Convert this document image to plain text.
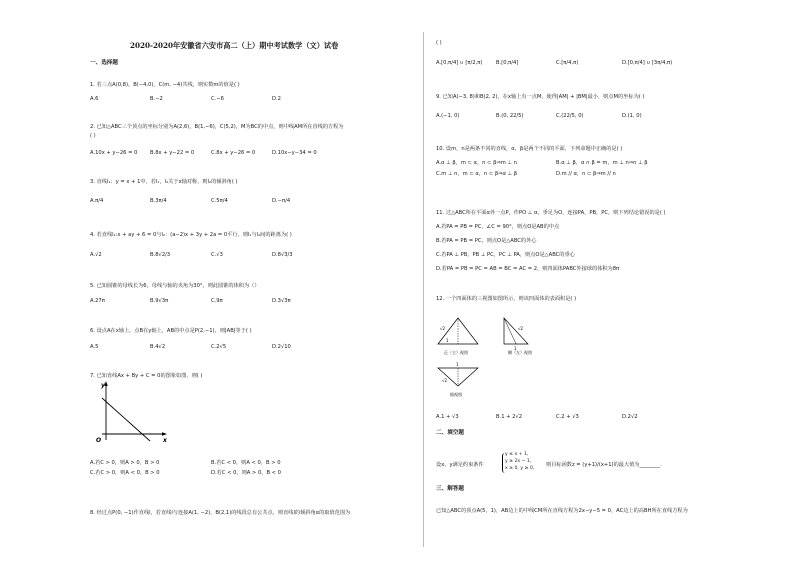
2020-2020年安徽省六安市高二（上）期中考试数学（文）试卷
一、选择题
1. 若三点A(0,8)，B(−4,0)，C(m, −4)共线，则实数m的值是( )
A.6	B.−2	C.−6	D.2
2. 已知△ABC三个顶点的坐标分别为A(2,6)，B(1,−6)，C(5,2)，M为BC的中点，则中线AM所在直线的方程为
( )
A.10x + y−26 = 0 B.8x + y−22 = 0	C.8x + y−26 = 0	D.10x−y−34 = 0
3. 直线l₁：y = x + 1中，若l₁，l₂关于x轴对称，则l₂的倾斜角( )
A.π/4	B.3π/4	C.5π/4	D.−π/4
4. 若直线l₁:x + ay + 6 = 0与l₂：(a−2)x + 3y + 2a = 0平行，则l₁与l₂间的距离为( )
A.√2	B.8√2/3	C.√3	D.8√3/3
5. 已知圆锥的母线长为6，母线与轴的夹角为30°，则此圆锥的体积为（）
A.27π	B.9√3π	C.9π	D.3√3π
6. 设点A在x轴上，点B在y轴上，AB的中点是P(2,−1)，则|AB|等于( )
A.5	B.4√2	C.2√5	D.2√10
7. 已知直线Ax + By + C = 0的图象如图，则( )
y
x
O
A.若C > 0，则A > 0，B > 0	B.若C < 0，则A < 0，B > 0
C.若C > 0，则A < 0，B > 0	D.若C < 0，则A > 0，B < 0
8. 经过点P(0, −1)作直线l，若直线l与连接A(1, −2)，B(2,1)的线段总有公共点，则直线l的倾斜角α的取值范围为
( )
A.[0,π/4] ∪ [π/2,π)	B.[0,π/4]	C.[π/4,π)	D.[0,π/4] ∪ [3π/4,π)
9. 已知A(−3, 8)和B(2, 2)，在x轴上有一点M，使得|AM| + |BM|最小，则点M的坐标为( )
A.(−1, 0)	B.(0, 22/5)	C.(22/5, 0)	D.(1, 0)
10. 设m，n是两条不同的直线，α，β是两个不同的平面，下列命题中正确的是( )
A.α ⊥ β，m ⊂ α，n ⊂ β⇒m ⊥ n	B.α ⊥ β，α ∩ β = m，m ⊥ n⇒n ⊥ β
C.m ⊥ n，m ⊂ α，n ⊂ β⇒α ⊥ β	D.m // α，n ⊂ β⇒m // n
11. 过△ABC所在平面α外一点P，作PO ⊥ α，垂足为O，连接PA，PB，PC，则下列结论错误的是( )
A.若PA = PB = PC，∠C = 90°，则点O是AB的中点
B.若PA = PB = PC，则点O是△ABC的外心
C.若PA ⊥ PB，PB ⊥ PC，PC ⊥ PA，则点O是△ABC的垂心
D.若PA = PB = PC = AB = BC = AC = 2，则四面体PABC外接球的体积为8π
12. 一个四面体的三视图如图所示，则该四面体的表面积是( )
√2
1
正（主）视图
√2
1
侧（左）视图
1
√2
俯视图
A.1 + √3	B.1 + 2√2	C.2 + √3	D.2√2
二、填空题
设x、y满足约束条件
y ≤ x + 1,
y ≥ 2x − 1,
x ≥ 0, y ≥ 0,
则目标函数z = (y+1)/(x+1)的最大值为________.
三、解答题
已知△ABC的顶点A(5，1)，AB边上的中线CM所在直线方程为2x−y−5 = 0，AC边上的高BH所在直线方程为
